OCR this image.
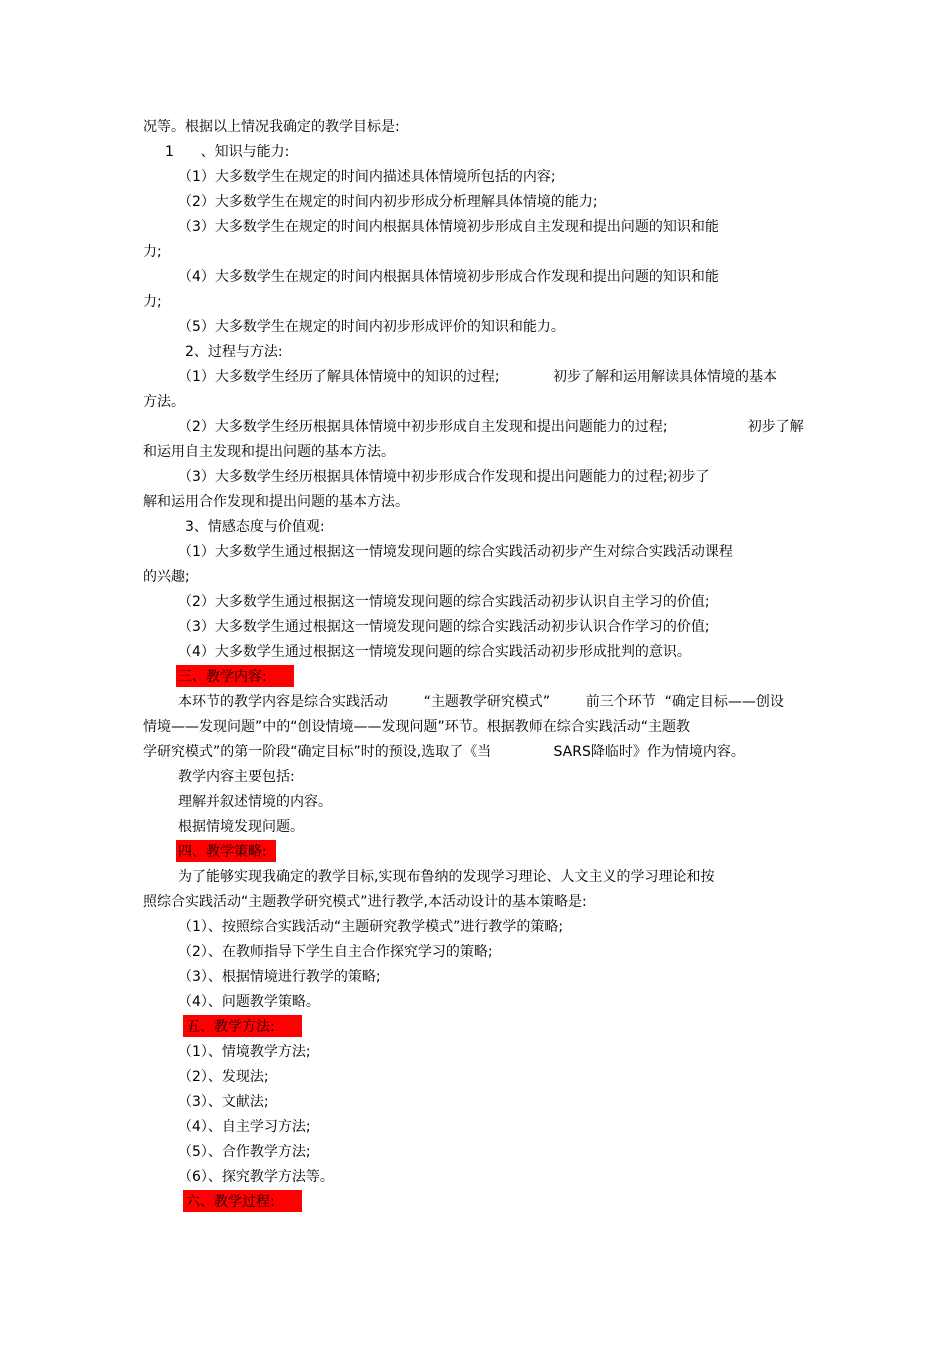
况等。根据以上情况我确定的教学目标是:
1      、知识与能力:
（1）大多数学生在规定的时间内描述具体情境所包括的内容;
（2）大多数学生在规定的时间内初步形成分析理解具体情境的能力;
（3）大多数学生在规定的时间内根据具体情境初步形成自主发现和提出问题的知识和能
力;
（4）大多数学生在规定的时间内根据具体情境初步形成合作发现和提出问题的知识和能
力;
（5）大多数学生在规定的时间内初步形成评价的知识和能力。
2、过程与方法:
（1）大多数学生经历了解具体情境中的知识的过程;            初步了解和运用解读具体情境的基本
方法。
（2）大多数学生经历根据具体情境中初步形成自主发现和提出问题能力的过程;                  初步了解
和运用自主发现和提出问题的基本方法。
（3）大多数学生经历根据具体情境中初步形成合作发现和提出问题能力的过程;初步了
解和运用合作发现和提出问题的基本方法。
3、情感态度与价值观:
（1）大多数学生通过根据这一情境发现问题的综合实践活动初步产生对综合实践活动课程
的兴趣;
（2）大多数学生通过根据这一情境发现问题的综合实践活动初步认识自主学习的价值;
（3）大多数学生通过根据这一情境发现问题的综合实践活动初步认识合作学习的价值;
（4）大多数学生通过根据这一情境发现问题的综合实践活动初步形成批判的意识。
三、教学内容:
本环节的教学内容是综合实践活动        “主题教学研究模式”        前三个环节  “确定目标——创设
情境——发现问题”中的“创设情境——发现问题”环节。根据教师在综合实践活动“主题教
学研究模式”的第一阶段“确定目标”时的预设,选取了《当              SARS降临时》作为情境内容。
教学内容主要包括:
理解并叙述情境的内容。
根据情境发现问题。
四、教学策略:
为了能够实现我确定的教学目标,实现布鲁纳的发现学习理论、人文主义的学习理论和按
照综合实践活动“主题教学研究模式”进行教学,本活动设计的基本策略是:
（1）、按照综合实践活动“主题研究教学模式”进行教学的策略;
（2）、在教师指导下学生自主合作探究学习的策略;
（3）、根据情境进行教学的策略;
（4）、问题教学策略。
五、教学方法:
（1）、情境教学方法;
（2）、发现法;
（3）、文献法;
（4）、自主学习方法;
（5）、合作教学方法;
（6）、探究教学方法等。
六、教学过程:
